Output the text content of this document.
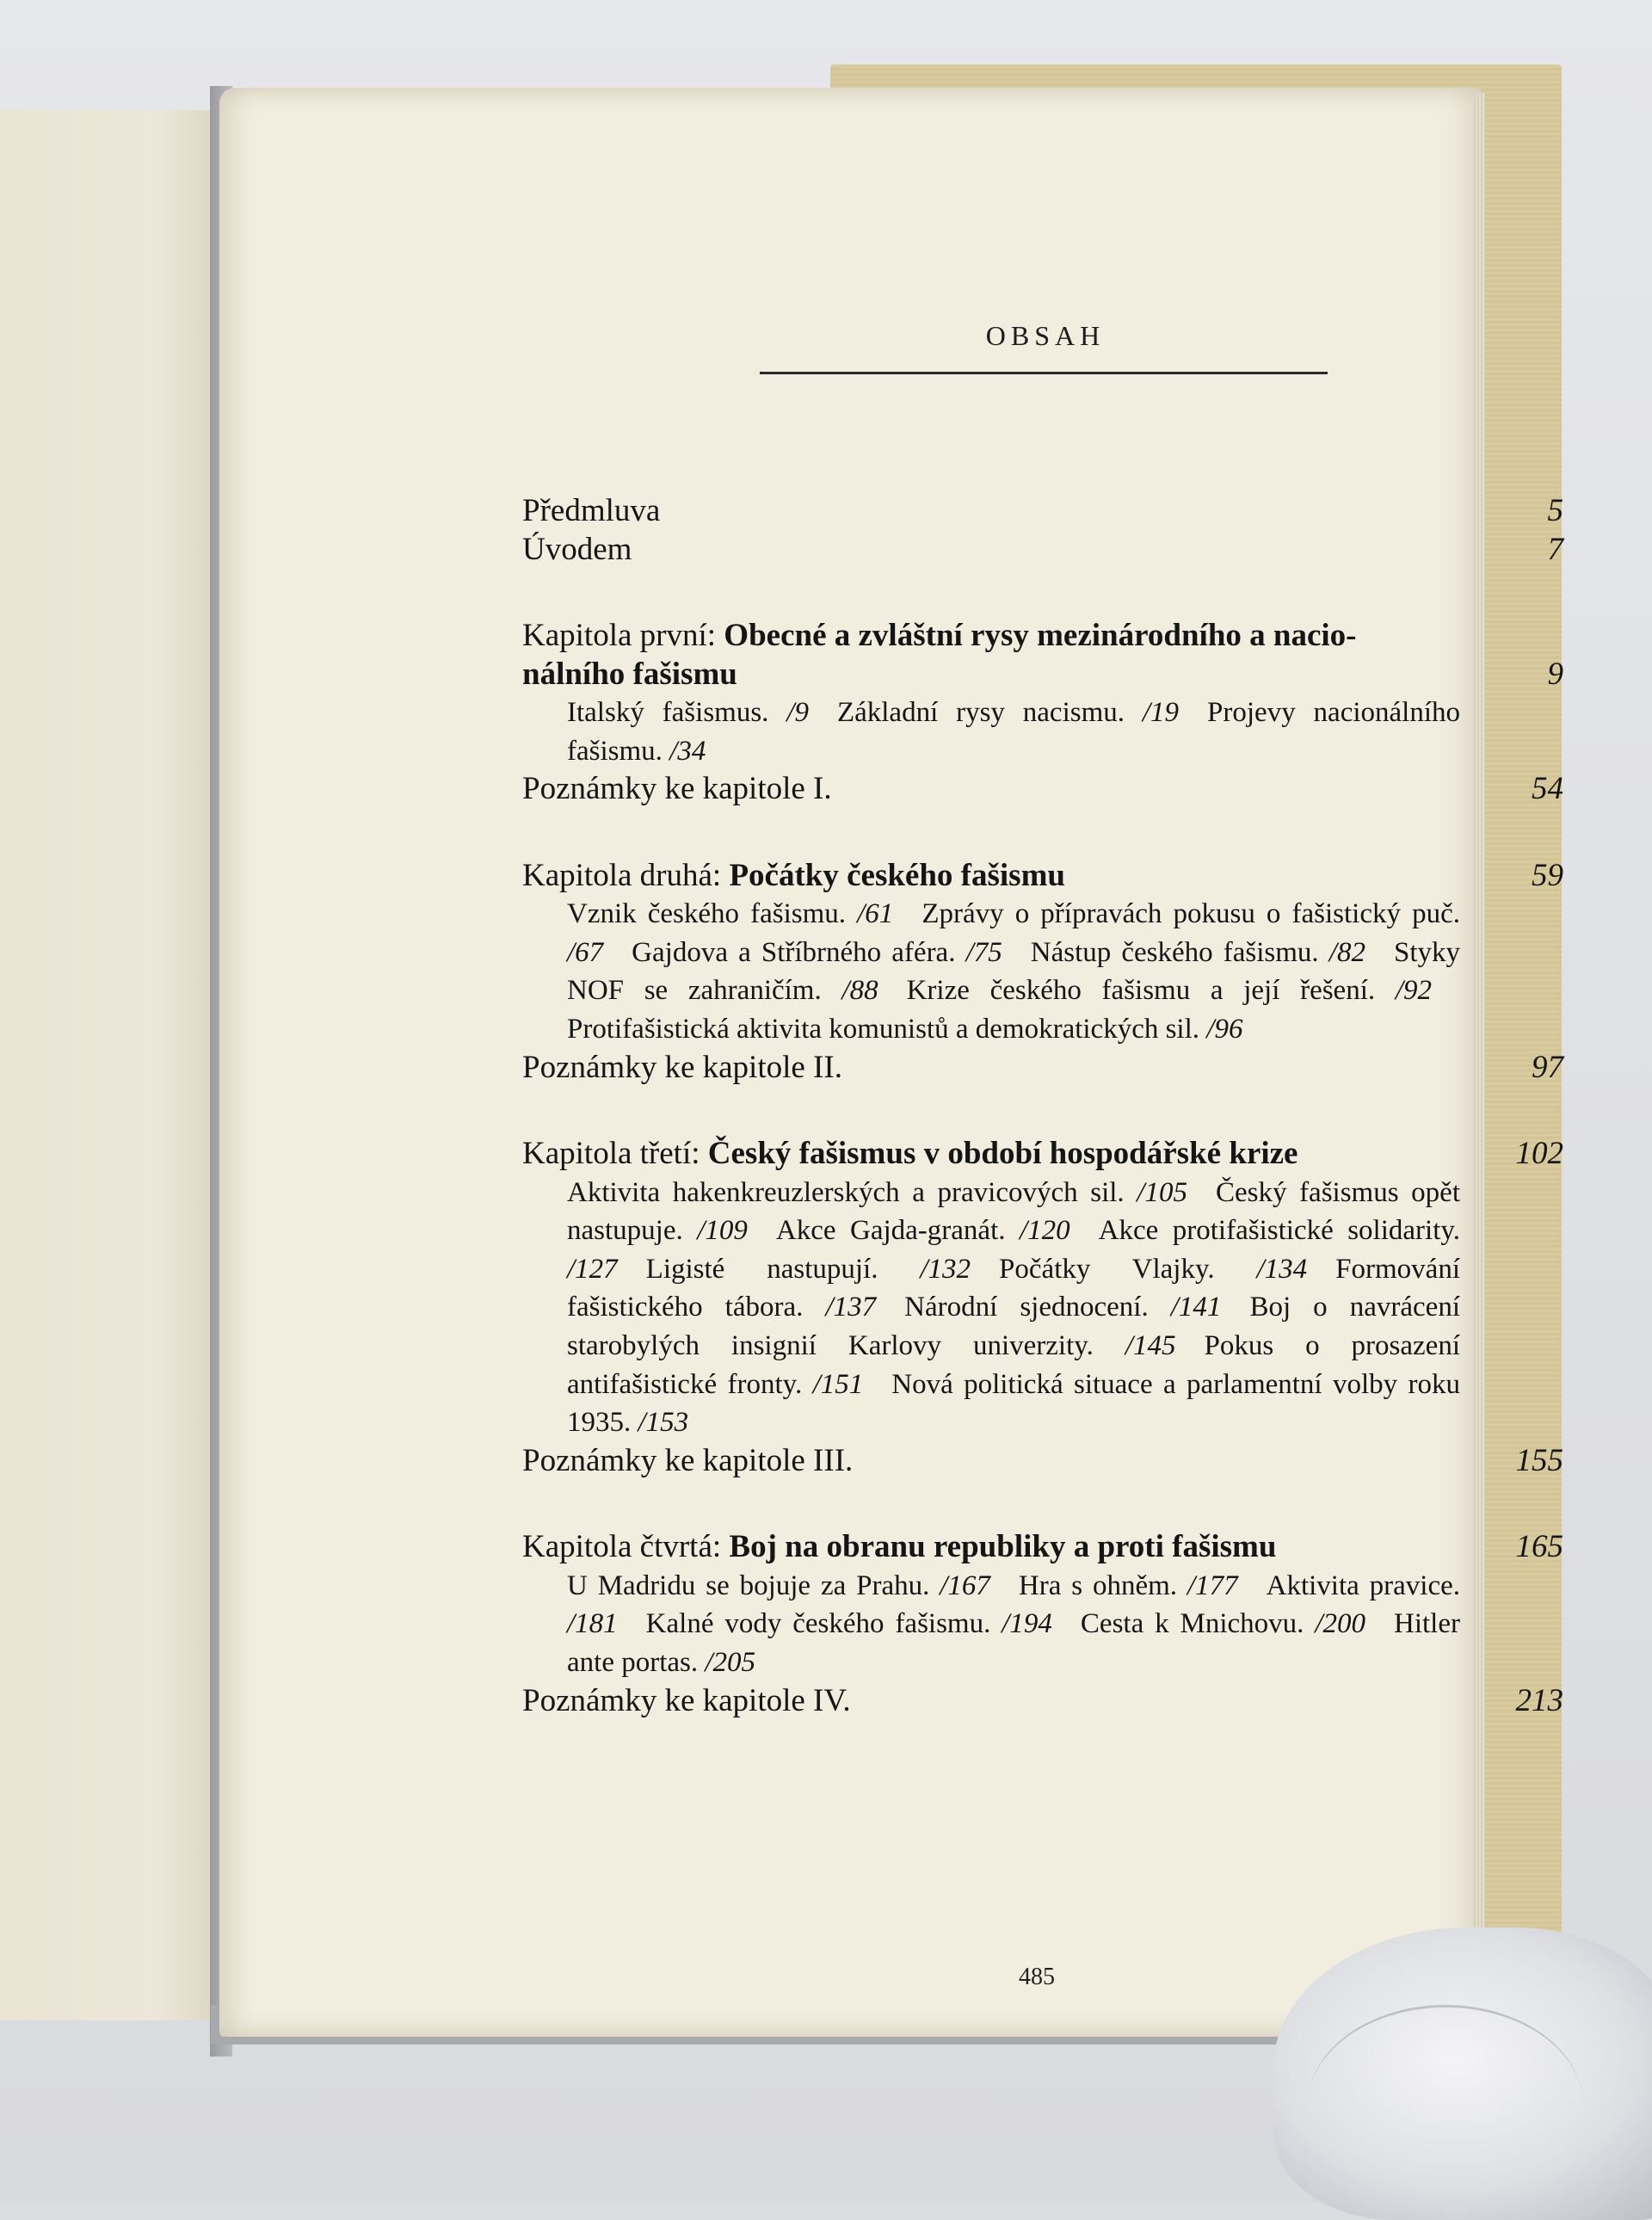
OBSAH
Předmluva	5
Úvodem	7
Kapitola první: Obecné a zvláštní rysy mezinárodního a nacio-
nálního fašismu	9
Italský fašismus. /9  Základní rysy nacismu. /19  Projevy nacionálního fašismu. /34
Poznámky ke kapitole I.	54
Kapitola druhá: Počátky českého fašismu	59
Vznik českého fašismu. /61  Zprávy o přípravách pokusu o fašistický puč. /67  Gajdova a Stříbrného aféra. /75  Nástup českého fašismu. /82  Styky NOF se zahraničím. /88  Krize českého fašismu a její řešení. /92 Protifašistická aktivita komunistů a demokratických sil. /96
Poznámky ke kapitole II.	97
Kapitola třetí: Český fašismus v období hospodářské krize	102
Aktivita hakenkreuzlerských a pravicových sil. /105  Český fašismus opět nastupuje. /109  Akce Gajda-granát. /120  Akce protifašistické solidarity. /127  Ligisté nastupují. /132  Počátky Vlajky. /134  Formování fašistického tábora. /137  Národní sjednocení. /141  Boj o navrácení starobylých insignií Karlovy univerzity. /145  Pokus o prosazení antifašistické fronty. /151  Nová politická situace a parlamentní volby roku 1935. /153
Poznámky ke kapitole III.	155
Kapitola čtvrtá: Boj na obranu republiky a proti fašismu	165
U Madridu se bojuje za Prahu. /167  Hra s ohněm. /177  Aktivita pravice. /181  Kalné vody českého fašismu. /194  Cesta k Mnichovu. /200  Hitler ante portas. /205
Poznámky ke kapitole IV.	213
485
